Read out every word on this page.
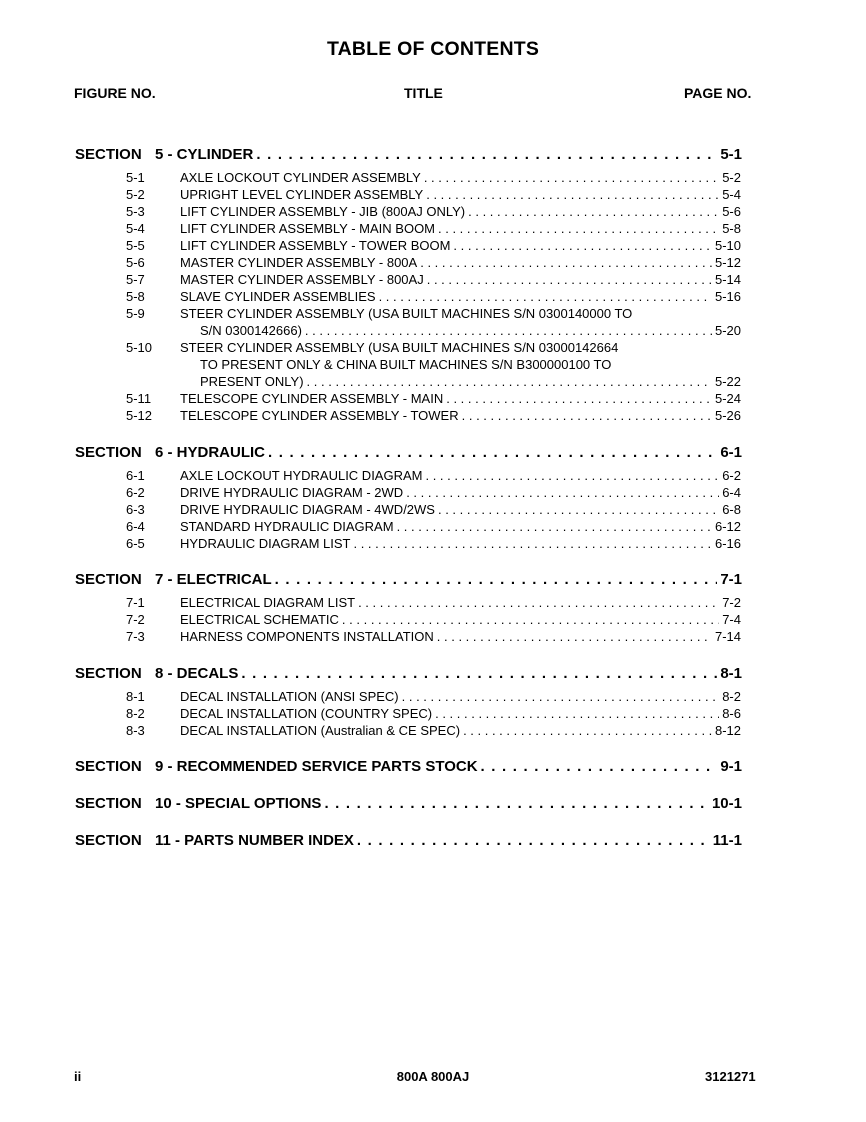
TABLE OF CONTENTS
FIGURE NO.	TITLE	PAGE NO.
SECTION 5 - CYLINDER . . .	5-1
5-1	AXLE LOCKOUT CYLINDER ASSEMBLY . . .	5-2
5-2	UPRIGHT LEVEL CYLINDER ASSEMBLY . . .	5-4
5-3	LIFT CYLINDER ASSEMBLY - JIB (800AJ ONLY) . . .	5-6
5-4	LIFT CYLINDER ASSEMBLY - MAIN BOOM . . .	5-8
5-5	LIFT CYLINDER ASSEMBLY - TOWER BOOM . . .	5-10
5-6	MASTER CYLINDER ASSEMBLY - 800A . . .	5-12
5-7	MASTER CYLINDER ASSEMBLY - 800AJ . . .	5-14
5-8	SLAVE CYLINDER ASSEMBLIES . . .	5-16
5-9	STEER CYLINDER ASSEMBLY (USA BUILT MACHINES S/N 0300140000 TO
S/N 0300142666) . . .	5-20
5-10	STEER CYLINDER ASSEMBLY (USA BUILT MACHINES S/N 03000142664
TO PRESENT ONLY & CHINA BUILT MACHINES S/N B300000100 TO
PRESENT ONLY) . . .	5-22
5-11	TELESCOPE CYLINDER ASSEMBLY - MAIN . . .	5-24
5-12	TELESCOPE CYLINDER ASSEMBLY - TOWER . . .	5-26
SECTION 6 - HYDRAULIC . . .	6-1
6-1	AXLE LOCKOUT HYDRAULIC DIAGRAM . . .	6-2
6-2	DRIVE HYDRAULIC DIAGRAM - 2WD . . .	6-4
6-3	DRIVE HYDRAULIC DIAGRAM - 4WD/2WS . . .	6-8
6-4	STANDARD HYDRAULIC DIAGRAM . . .	6-12
6-5	HYDRAULIC DIAGRAM LIST . . .	6-16
SECTION 7 - ELECTRICAL . . .	7-1
7-1	ELECTRICAL DIAGRAM LIST . . .	7-2
7-2	ELECTRICAL SCHEMATIC . . .	7-4
7-3	HARNESS COMPONENTS INSTALLATION . . .	7-14
SECTION 8 - DECALS . . .	8-1
8-1	DECAL INSTALLATION (ANSI SPEC) . . .	8-2
8-2	DECAL INSTALLATION (COUNTRY SPEC) . . .	8-6
8-3	DECAL INSTALLATION (Australian & CE SPEC) . . .	8-12
SECTION 9 - RECOMMENDED SERVICE PARTS STOCK . . .	9-1
SECTION 10 - SPECIAL OPTIONS . . .	10-1
SECTION 11 - PARTS NUMBER INDEX . . .	11-1
ii	800A 800AJ	3121271
